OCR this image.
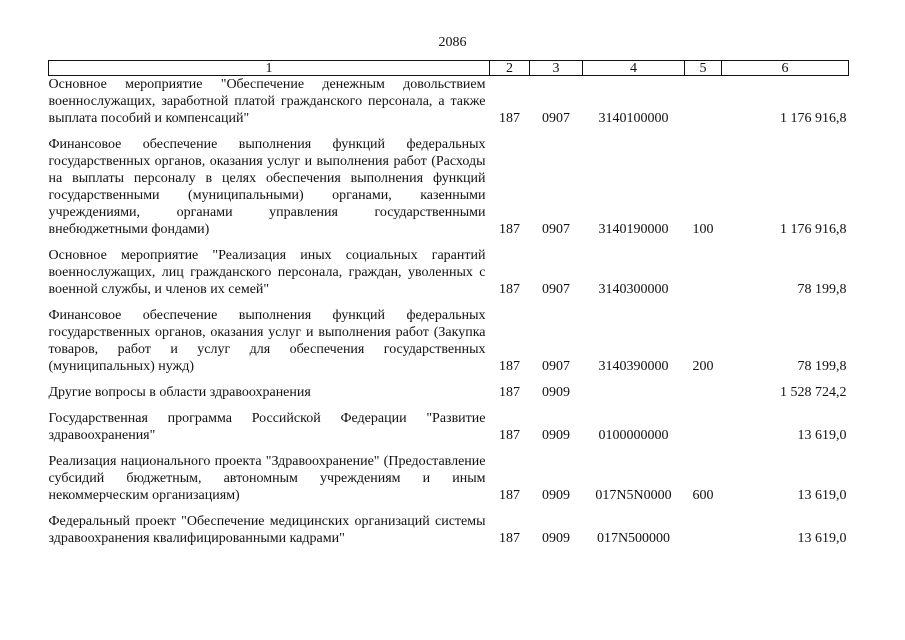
2086
1	2	3	4	5	6
Основное мероприятие "Обеспечение денежным довольствием военнослужащих, заработной платой гражданского персонала, а также выплата пособий и компенсаций"	187	0907	3140100000		1 176 916,8

Финансовое обеспечение выполнения функций федеральных государственных органов, оказания услуг и выполнения работ (Расходы на выплаты персоналу в целях обеспечения выполнения функций государственными (муниципальными) органами, казенными учреждениями, органами управления государственными внебюджетными фондами)	187	0907	3140190000	100	1 176 916,8

Основное мероприятие "Реализация иных социальных гарантий военнослужащих, лиц гражданского персонала, граждан, уволенных с военной службы, и членов их семей"	187	0907	3140300000		78 199,8

Финансовое обеспечение выполнения функций федеральных государственных органов, оказания услуг и выполнения работ (Закупка товаров, работ и услуг для обеспечения государственных (муниципальных) нужд)	187	0907	3140390000	200	78 199,8

Другие вопросы в области здравоохранения	187	0909			1 528 724,2

Государственная программа Российской Федерации "Развитие здравоохранения"	187	0909	0100000000		13 619,0

Реализация национального проекта "Здравоохранение" (Предоставление субсидий бюджетным, автономным учреждениям и иным некоммерческим организациям)	187	0909	017N5N0000	600	13 619,0

Федеральный проект "Обеспечение медицинских организаций системы здравоохранения квалифицированными кадрами"	187	0909	017N500000		13 619,0
